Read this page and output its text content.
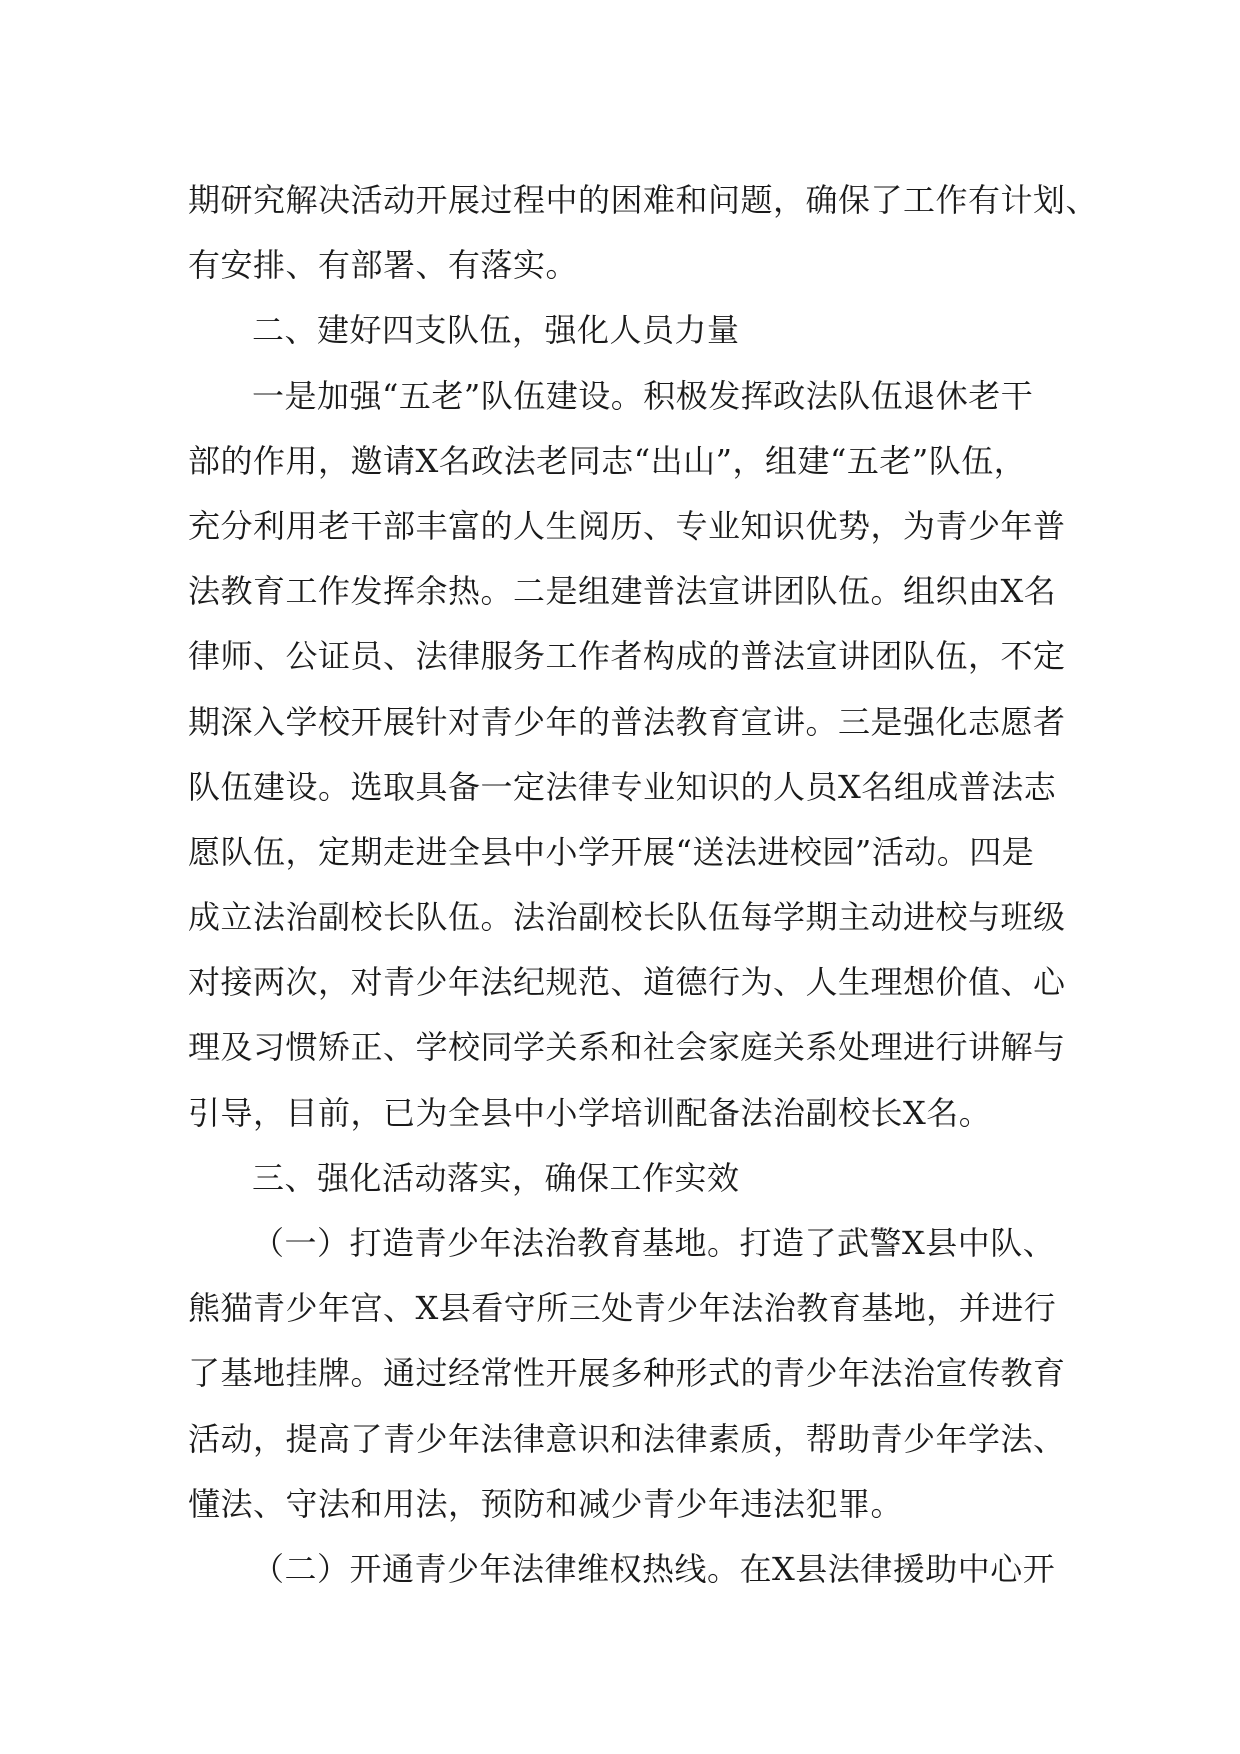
期研究解决活动开展过程中的困难和问题，确保了工作有计划、
有安排、有部署、有落实。
二、建好四支队伍，强化人员力量
一是加强“五老”队伍建设。积极发挥政法队伍退休老干
部的作用，邀请X名政法老同志“出山”，组建“五老”队伍，
充分利用老干部丰富的人生阅历、专业知识优势，为青少年普
法教育工作发挥余热。二是组建普法宣讲团队伍。组织由X名
律师、公证员、法律服务工作者构成的普法宣讲团队伍，不定
期深入学校开展针对青少年的普法教育宣讲。三是强化志愿者
队伍建设。选取具备一定法律专业知识的人员X名组成普法志
愿队伍，定期走进全县中小学开展“送法进校园”活动。四是
成立法治副校长队伍。法治副校长队伍每学期主动进校与班级
对接两次，对青少年法纪规范、道德行为、人生理想价值、心
理及习惯矫正、学校同学关系和社会家庭关系处理进行讲解与
引导，目前，已为全县中小学培训配备法治副校长X名。
三、强化活动落实，确保工作实效
（一）打造青少年法治教育基地。打造了武警X县中队、
熊猫青少年宫、X县看守所三处青少年法治教育基地，并进行
了基地挂牌。通过经常性开展多种形式的青少年法治宣传教育
活动，提高了青少年法律意识和法律素质，帮助青少年学法、
懂法、守法和用法，预防和减少青少年违法犯罪。
（二）开通青少年法律维权热线。在X县法律援助中心开
